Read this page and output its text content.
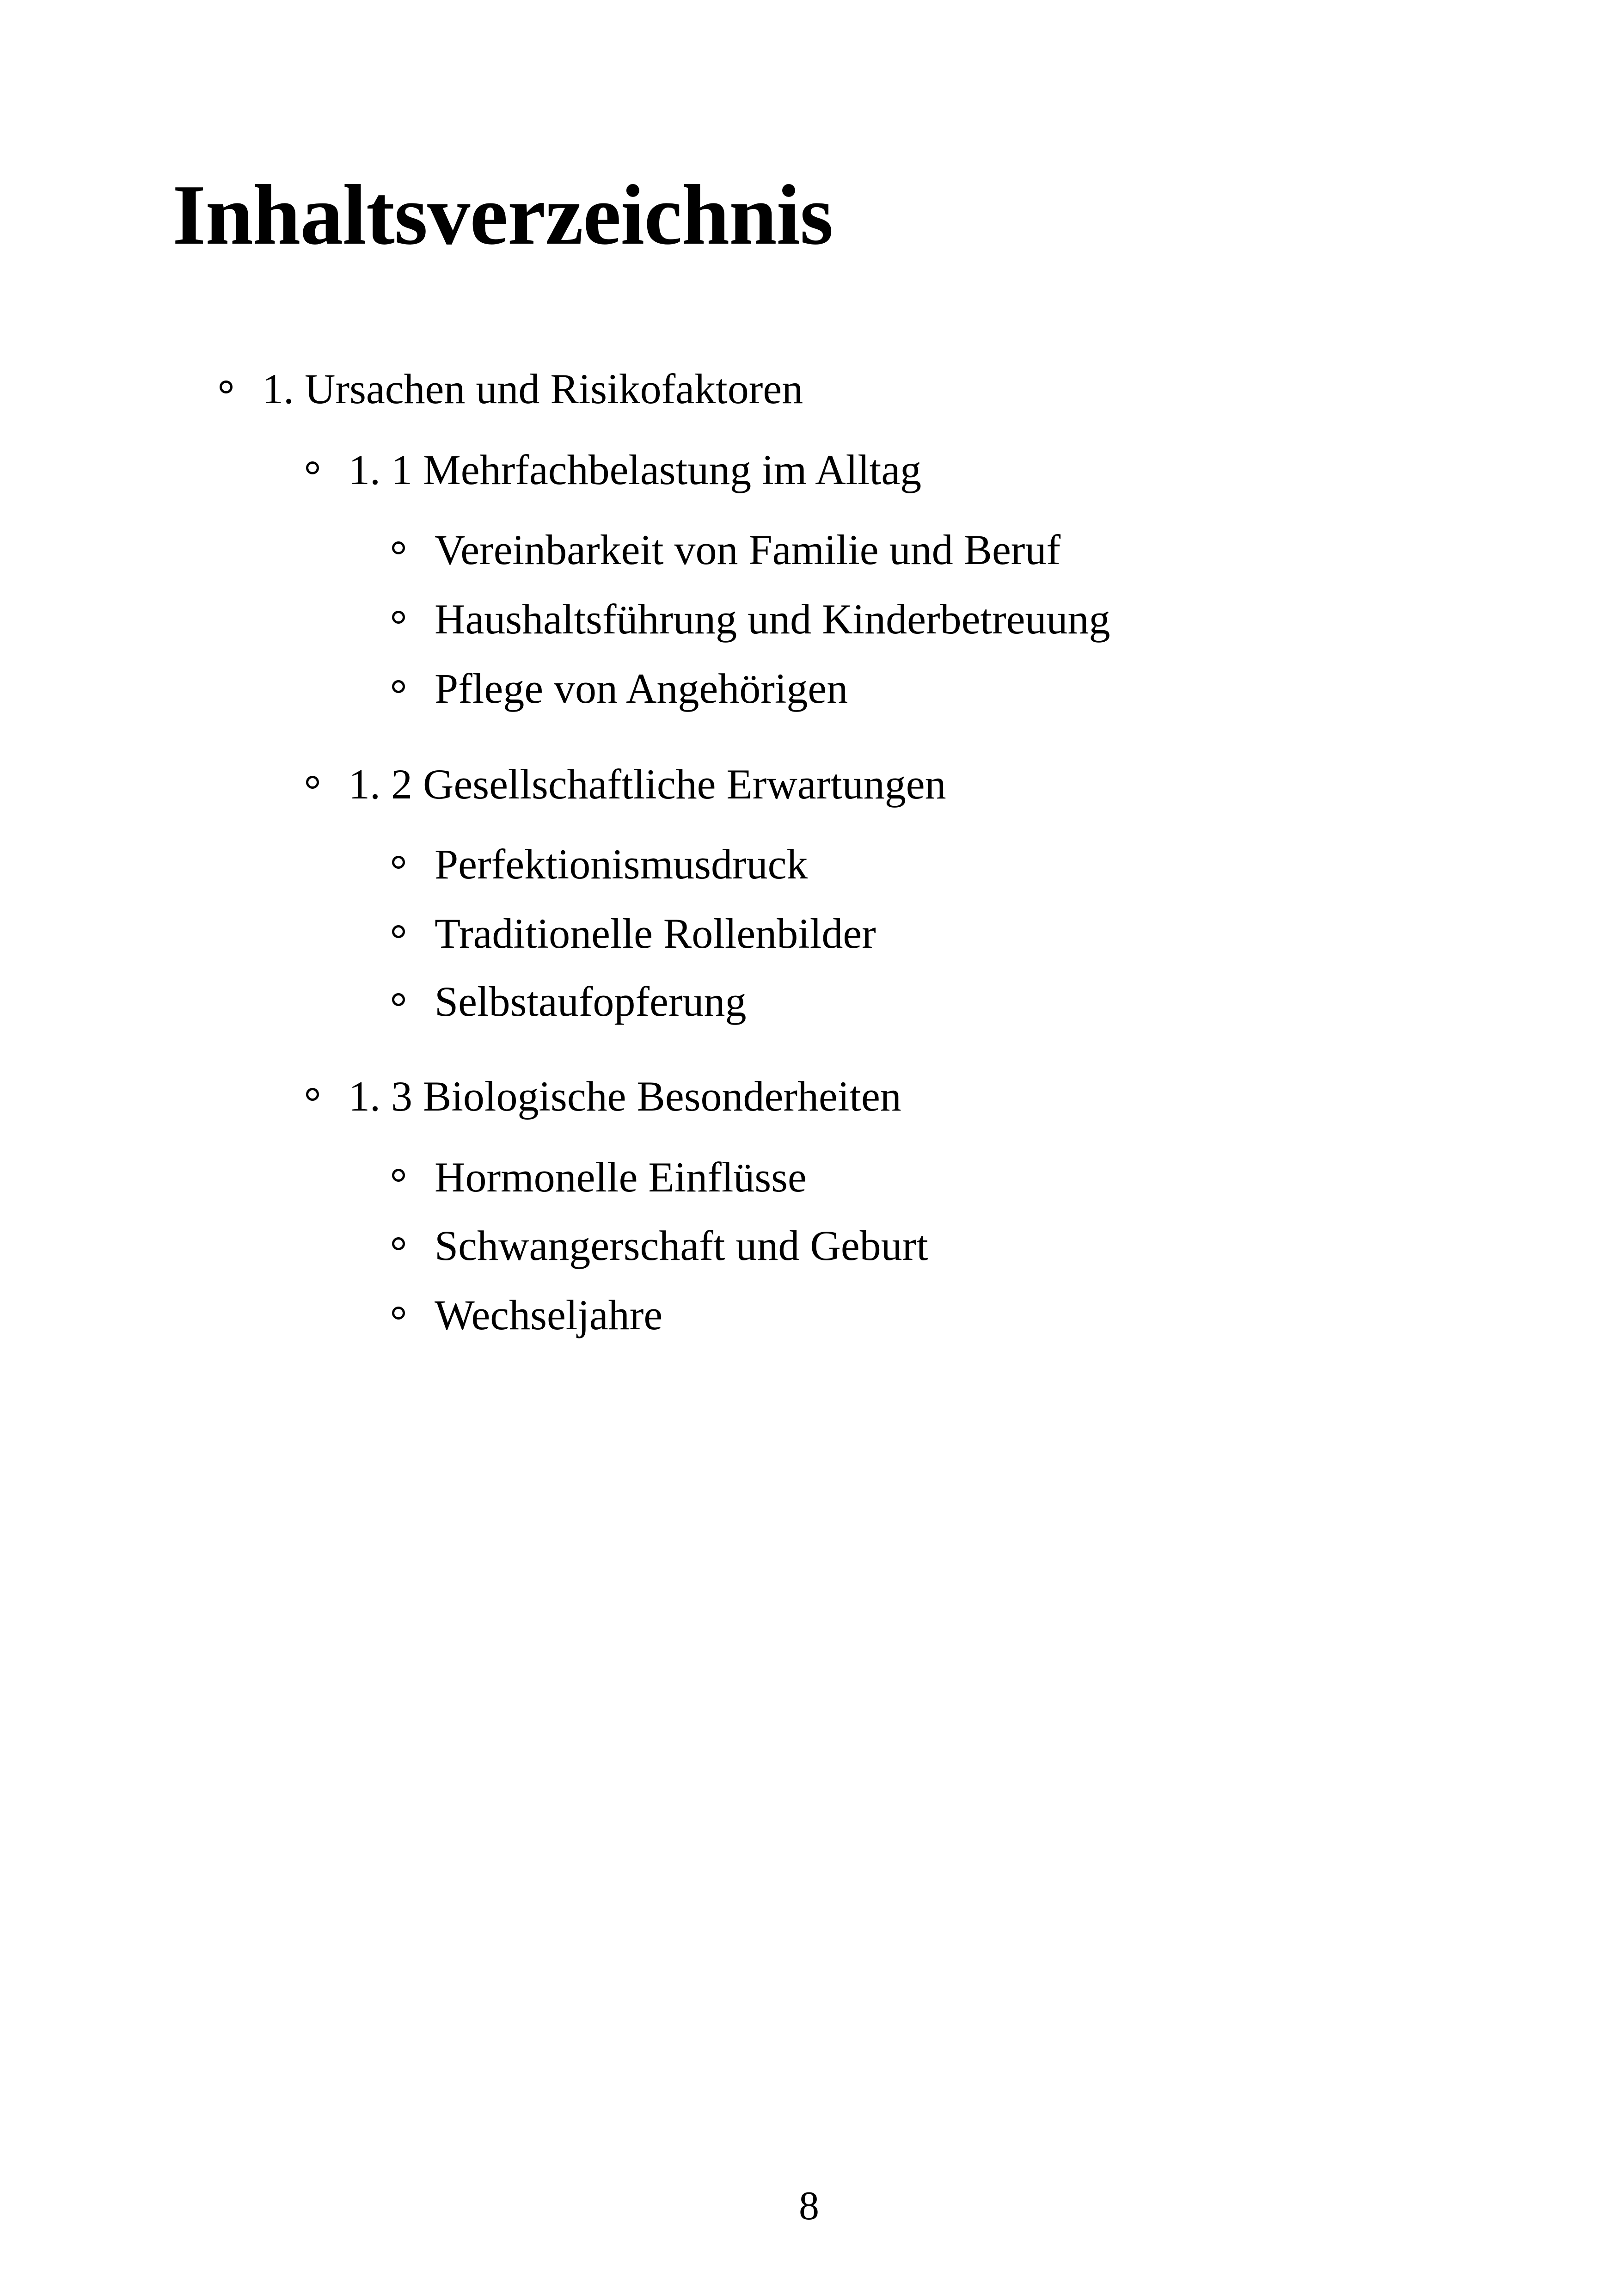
Inhaltsverzeichnis
1. Ursachen und Risikofaktoren
1. 1 Mehrfachbelastung im Alltag
Vereinbarkeit von Familie und Beruf
Haushaltsführung und Kinderbetreuung
Pflege von Angehörigen
1. 2 Gesellschaftliche Erwartungen
Perfektionismusdruck
Traditionelle Rollenbilder
Selbstaufopferung
1. 3 Biologische Besonderheiten
Hormonelle Einflüsse
Schwangerschaft und Geburt
Wechseljahre
8
